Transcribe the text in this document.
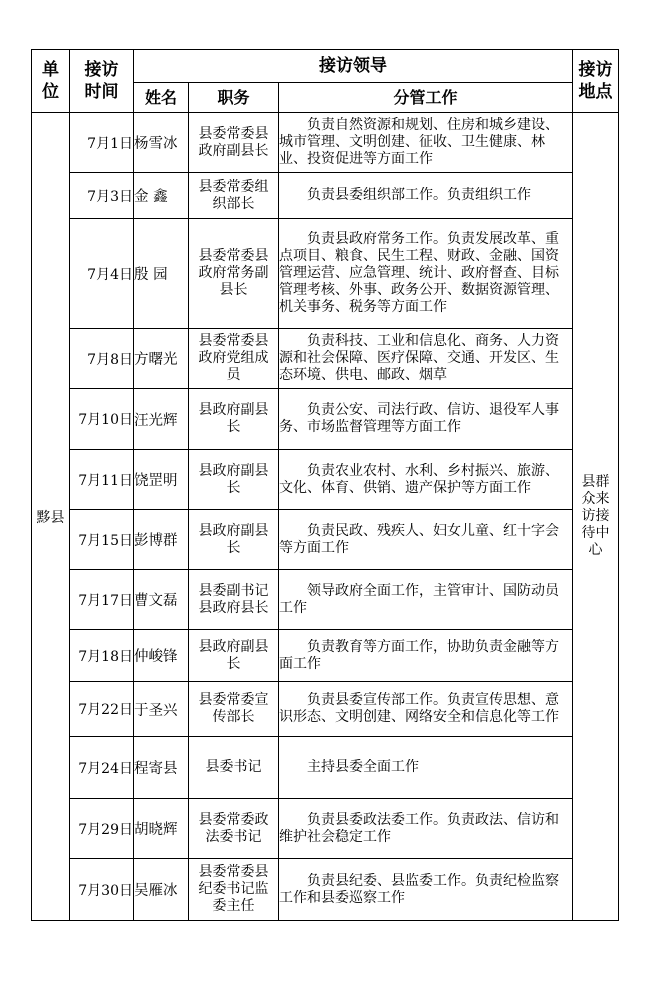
单位	接访时间	接访领导			接访地点

		姓名	职务	分管工作	
黟县	7月1日	杨雪冰	县委常委县政府副县长	负责自然资源和规划、住房和城乡建设、城市管理、文明创建、征收、卫生健康、林业、投资促进等方面工作	县群众来访接待中心

	7月3日	金 鑫	县委常委组织部长	负责县委组织部工作。负责组织工作	

	7月4日	殷 园	县委常委县政府常务副县长	负责县政府常务工作。负责发展改革、重点项目、粮食、民生工程、财政、金融、国资管理运营、应急管理、统计、政府督查、目标管理考核、外事、政务公开、数据资源管理、机关事务、税务等方面工作	

	7月8日	方曙光	县委常委县政府党组成员	负责科技、工业和信息化、商务、人力资源和社会保障、医疗保障、交通、开发区、生态环境、供电、邮政、烟草	

	7月10日	汪光辉	县政府副县长	负责公安、司法行政、信访、退役军人事务、市场监督管理等方面工作	

	7月11日	饶罡明	县政府副县长	负责农业农村、水利、乡村振兴、旅游、文化、体育、供销、遗产保护等方面工作	

	7月15日	彭博群	县政府副县长	负责民政、残疾人、妇女儿童、红十字会等方面工作	

	7月17日	曹文磊	县委副书记县政府县长	领导政府全面工作，主管审计、国防动员工作	

	7月18日	仲峻锋	县政府副县长	负责教育等方面工作，协助负责金融等方面工作	

	7月22日	于圣兴	县委常委宣传部长	负责县委宣传部工作。负责宣传思想、意识形态、文明创建、网络安全和信息化等工作	

	7月24日	程寄县	县委书记	主持县委全面工作	

	7月29日	胡晓辉	县委常委政法委书记	负责县委政法委工作。负责政法、信访和维护社会稳定工作	

	7月30日	吴雁冰	县委常委县纪委书记监委主任	负责县纪委、县监委工作。负责纪检监察工作和县委巡察工作	
